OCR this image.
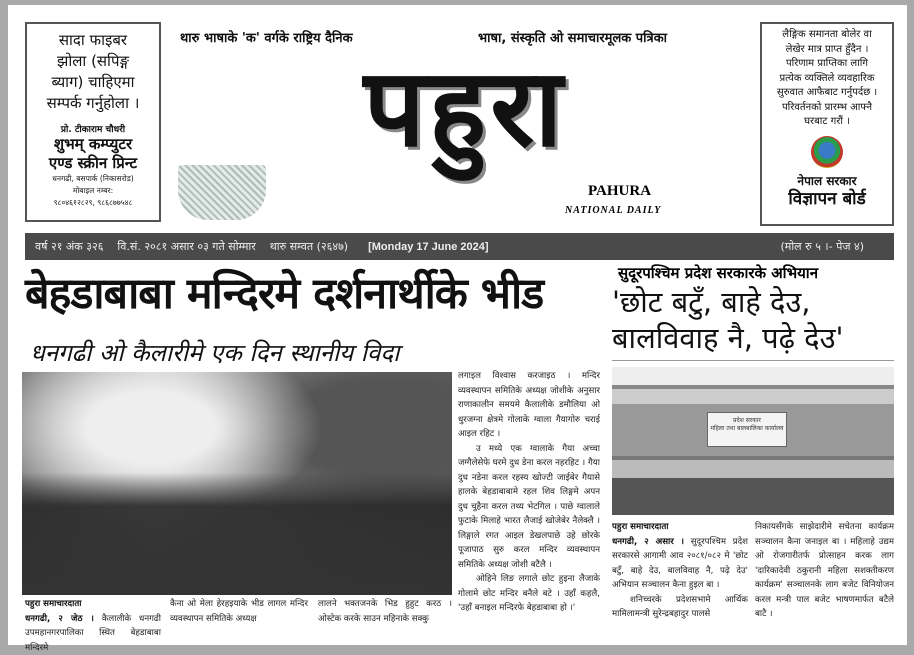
सादा फाइबर
झोला (सपिङ्ग
ब्याग) चाहिएमा
सम्पर्क गर्नुहोला ।
प्रो. टीकाराम चौधरी
शुभम् कम्प्युटर
एण्ड स्क्रीन प्रिन्ट
धनगढी, बसपार्क (निकासरोड)
मोबाइल नम्बर:
९८०४६१२८२९, ९८६८७७५४८
थारु भाषाके 'क' वर्गके राष्ट्रिय दैनिक	भाषा, संस्कृति ओ समाचारमूलक पत्रिका
पहुरा
PAHURA
NATIONAL DAILY
लैङ्गिक समानता बोलेर वा
लेखेर मात्र प्राप्त हुँदैन ।
परिणाम प्राप्तिका लागि
प्रत्येक व्यक्तिले व्यवहारिक
सुरुवात आफैबाट गर्नुपर्दछ ।
परिवर्तनको प्रारम्भ आफ्नै
घरबाट गरौं ।
नेपाल सरकार
विज्ञापन बोर्ड
वर्ष २१ अंक ३२६ वि.सं. २०८१ असार ०३ गते सोम्मार थारु सम्वत (२६४७) [Monday 17 June 2024]	(मोल रु ५ ।- पेज ४)
बेहडाबाबा मन्दिरमे दर्शनार्थीके भीड
धनगढी ओ कैलारीमे एक दिन स्थानीय विदा
सुदूरपश्चिम प्रदेश सरकारके अभियान
'छोट बटुँ, बाहे देउ,
बालविवाह नै, पढ़े देउ'
पहुरा समाचारदाता
धनगढी, २ जेठ । कैलालीके धनगढी उपमहानगरपालिका स्थित बेहडाबाबा मन्दिरमे
कैना ओ मेला हेरहइयाके भीड लागल मन्दिर व्यवस्थापन समितिके अध्यक्ष
लालने भक्तजनके भिड हुहुट करठ । ओस्टेक करके साउन महिनाके सक्कु

लगाइल विश्वास करजाइठ । मन्दिर व्यवस्थापन समितिके अध्यक्ष जोशीके अनुसार राणाकालीन समयमे कैलालीके डमौलिया ओ धुरजग्ना क्षेत्रमे गोलाके ग्वाला गैयागोरु चराई आइल रहिट ।

उ मध्ये एक ग्वालाके गैया अच्चा जग्गैलेसेफे घरमे दुध डेना करल नहरहिट । गैया दुध नडेना करल रहस्य खोज्टी जाईबेर गैयासे हालके बेहडाबाबामे रहल शिव लिङ्गमे अपन दुध चुहैना करल तथ्य भेटगिल । पाछे ग्वालाले फुटाके मिलाहे भारत लैजाई खोजेबेर नैलेक्लै । लिङ्गाले रगत आइल डेखलपाछे उहे छोरके पूजापाठ सुरु करल मन्दिर व्यवस्थापन समितिके अध्यक्ष जोशी बटैलै ।

ओहिने लिङ लगाले छोट हुइना लैजाके गोलामे छोट मन्दिर बनैले बटे । उहाँ कहलै, 'उहाँ बनाइल मन्दिरफे बेहडाबाबा हो ।'

प्रदेश सरकार
महिला तथा बालबालिका कार्यालय
पहुरा समाचारदाता
धनगढी, २ असार । सुदूरपश्चिम प्रदेश सरकारसे आगामी आव २०८१/०८२ मे 'छोट बटुँ, बाहे देउ, बालविवाह नै, पढ़े देउ' अभियान सञ्चालन कैना हुइल बा ।

शनिच्चरके प्रदेशसभामे आर्थिक मामिलामन्त्री सुरेन्द्रबहादुर पालसे

निकायसँगके साझेदारीमे सचेतना कार्यक्रम सञ्चालन कैना जनाइल बा । महिलाहे उद्यम ओ रोजगारीतर्फ प्रोत्साहन करक लाग 'दारिकादेवी ठकुरानी महिला सशक्तीकरण कार्यक्रम' सञ्चालनके लाग बजेट विनियोजन करल मन्त्री पाल बजेट भाषणमार्फत बटैले बाटै ।
